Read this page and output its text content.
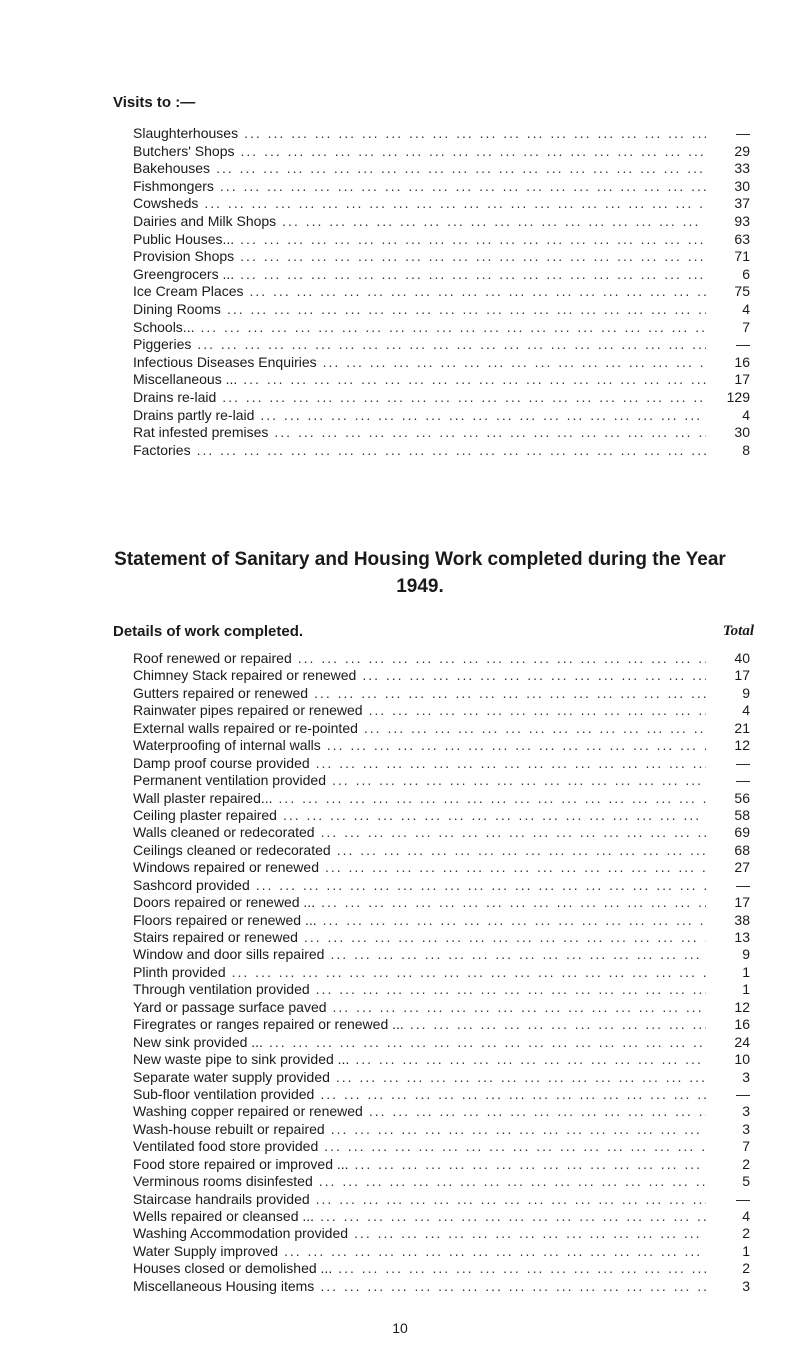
Visits to :—
Slaughterhouses ... .	—
Butchers' Shops ... .	29
Bakehouses ... .	33
Fishmongers ... .	30
Cowsheds ... .	37
Dairies and Milk Shops ... .	93
Public Houses... ... .	63
Provision Shops ... .	71
Greengrocers ... ... .	6
Ice Cream Places ... .	75
Dining Rooms ... .	4
Schools... ... .	7
Piggeries ... .	—
Infectious Diseases Enquiries ... .	16
Miscellaneous ... ... .	17
Drains re-laid ... .	129
Drains partly re-laid ... .	4
Rat infested premises ... .	30
Factories ... .	8
Statement of Sanitary and Housing Work completed during the Year
1949.
Details of work completed.	Total
Roof renewed or repaired ... .	40
Chimney Stack repaired or renewed ... .	17
Gutters repaired or renewed ... .	9
Rainwater pipes repaired or renewed ... .	4
External walls repaired or re-pointed ... .	21
Waterproofing of internal walls ... .	12
Damp proof course provided ... .	—
Permanent ventilation provided ... .	—
Wall plaster repaired... ... .	56
Ceiling plaster repaired ... .	58
Walls cleaned or redecorated ... .	69
Ceilings cleaned or redecorated ... .	68
Windows repaired or renewed ... .	27
Sashcord provided ... .	—
Doors repaired or renewed ... ... .	17
Floors repaired or renewed ... ... .	38
Stairs repaired or renewed ... .	13
Window and door sills repaired ... .	9
Plinth provided ... .	1
Through ventilation provided ... .	1
Yard or passage surface paved ... .	12
Firegrates or ranges repaired or renewed ... ... .	16
New sink provided ... ... .	24
New waste pipe to sink provided ... ... .	10
Separate water supply provided ... .	3
Sub-floor ventilation provided ... .	—
Washing copper repaired or renewed ... .	3
Wash-house rebuilt or repaired ... .	3
Ventilated food store provided ... .	7
Food store repaired or improved ... ... .	2
Verminous rooms disinfested ... .	5
Staircase handrails provided ... .	—
Wells repaired or cleansed ... ... .	4
Washing Accommodation provided ... .	2
Water Supply improved ... .	1
Houses closed or demolished ... ... .	2
Miscellaneous Housing items ... .	3
10
